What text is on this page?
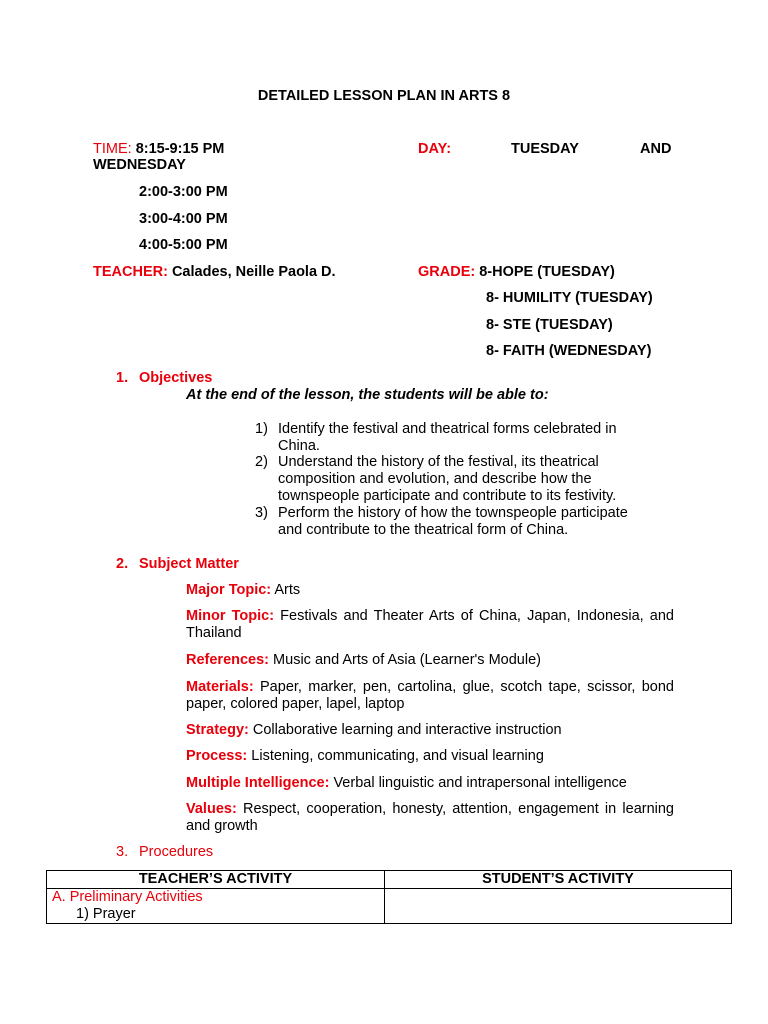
DETAILED LESSON PLAN IN ARTS 8
TIME: 8:15-9:15 PM	DAY:	TUESDAY	AND
WEDNESDAY
2:00-3:00 PM
3:00-4:00 PM
4:00-5:00 PM
TEACHER: Calades, Neille Paola D.	GRADE: 8-HOPE (TUESDAY)
8- HUMILITY (TUESDAY)
8- STE (TUESDAY)
8- FAITH (WEDNESDAY)
1. Objectives
At the end of the lesson, the students will be able to:
1) Identify the festival and theatrical forms celebrated in China.
2) Understand the history of the festival, its theatrical composition and evolution, and describe how the townspeople participate and contribute to its festivity.
3) Perform the history of how the townspeople participate and contribute to the theatrical form of China.
2. Subject Matter
Major Topic: Arts
Minor Topic: Festivals and Theater Arts of China, Japan, Indonesia, and Thailand
References: Music and Arts of Asia (Learner's Module)
Materials: Paper, marker, pen, cartolina, glue, scotch tape, scissor, bond paper, colored paper, lapel, laptop
Strategy: Collaborative learning and interactive instruction
Process: Listening, communicating, and visual learning
Multiple Intelligence: Verbal linguistic and intrapersonal intelligence
Values: Respect, cooperation, honesty, attention, engagement in learning and growth
3. Procedures
TEACHER’S ACTIVITY	STUDENT’S ACTIVITY

A. Preliminary Activities
1) Prayer	
